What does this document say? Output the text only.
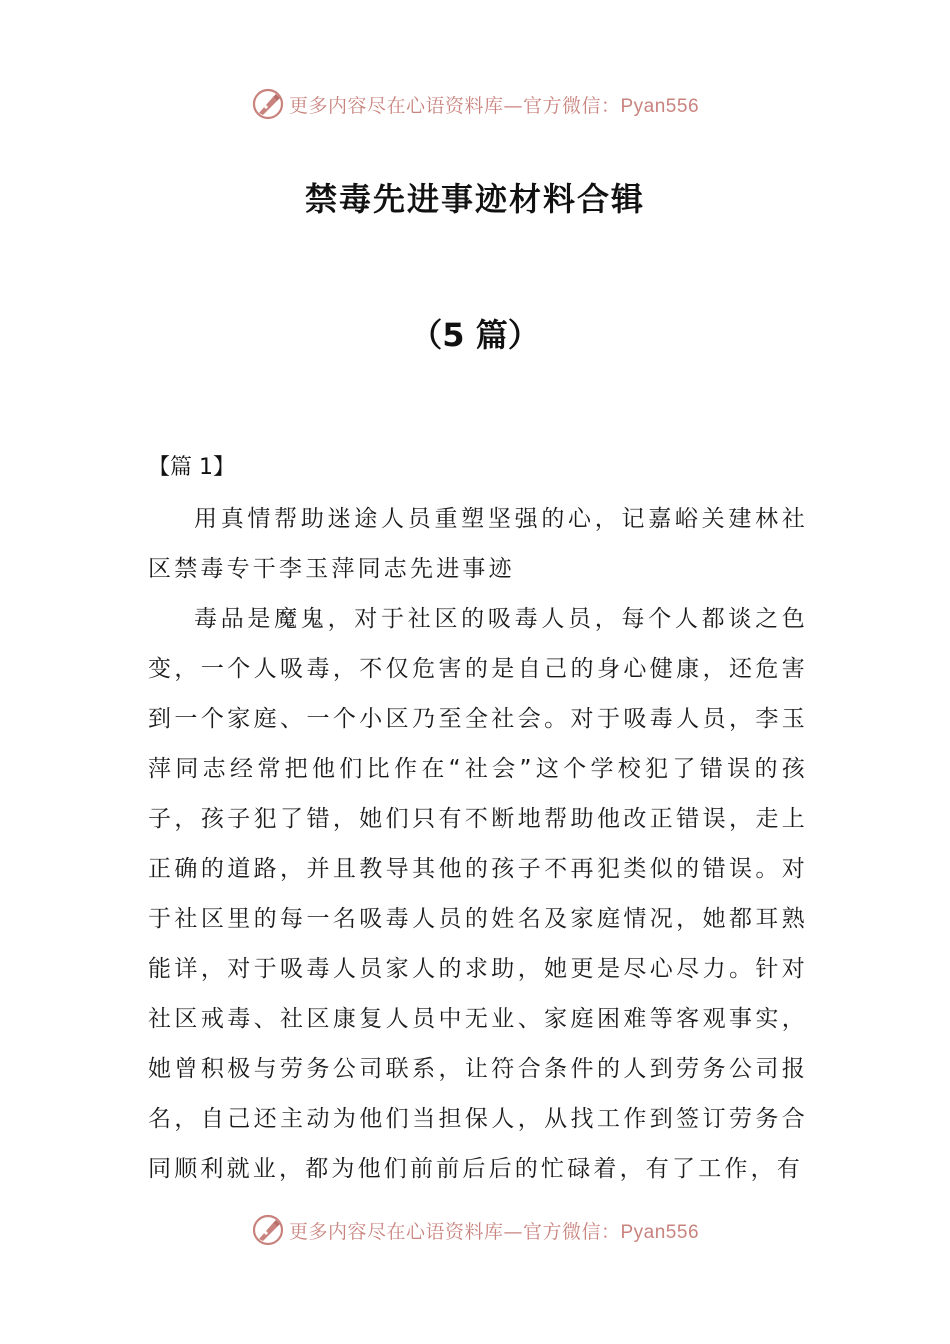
更多内容尽在心语资料库—官方微信：Pyan556
禁毒先进事迹材料合辑
（5 篇）
【篇 1】

用真情帮助迷途人员重塑坚强的心，记嘉峪关建林社区禁毒专干李玉萍同志先进事迹

毒品是魔鬼，对于社区的吸毒人员，每个人都谈之色变，一个人吸毒，不仅危害的是自己的身心健康，还危害到一个家庭、一个小区乃至全社会。对于吸毒人员，李玉萍同志经常把他们比作在“社会”这个学校犯了错误的孩子，孩子犯了错，她们只有不断地帮助他改正错误，走上正确的道路，并且教导其他的孩子不再犯类似的错误。对于社区里的每一名吸毒人员的姓名及家庭情况，她都耳熟能详，对于吸毒人员家人的求助，她更是尽心尽力。针对社区戒毒、社区康复人员中无业、家庭困难等客观事实，她曾积极与劳务公司联系，让符合条件的人到劳务公司报名，自己还主动为他们当担保人，从找工作到签订劳务合同顺利就业，都为他们前前后后的忙碌着，有了工作，有

更多内容尽在心语资料库—官方微信：Pyan556
